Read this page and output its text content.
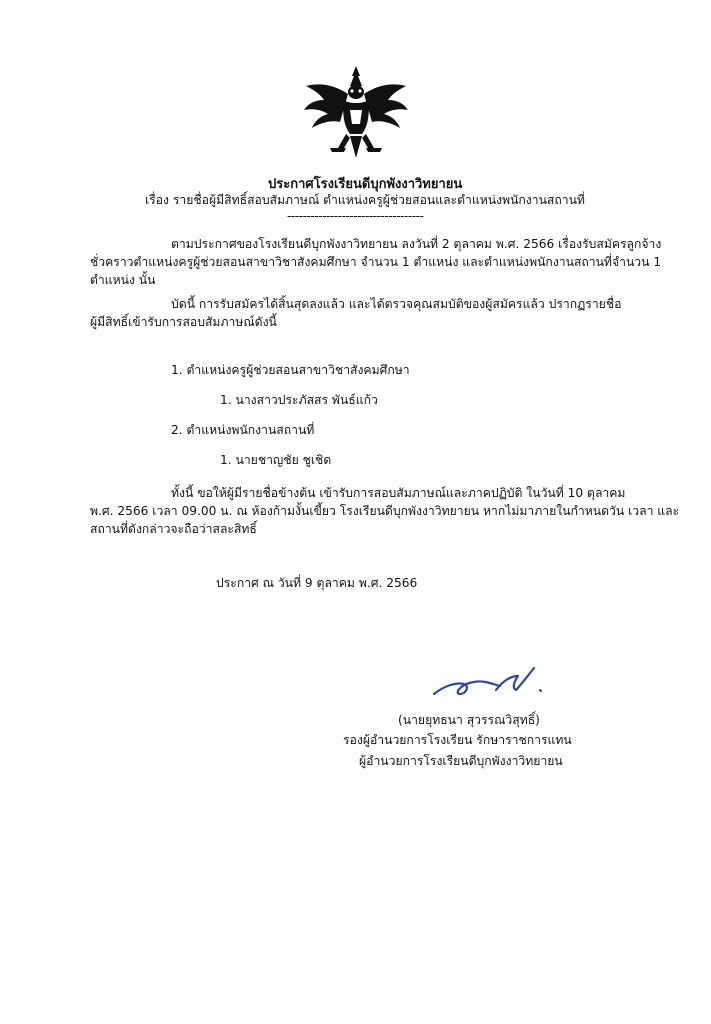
ประกาศโรงเรียนดีบุกพังงาวิทยายน
เรื่อง รายชื่อผู้มีสิทธิ์สอบสัมภาษณ์ ตำแหน่งครูผู้ช่วยสอนและตำแหน่งพนักงานสถานที่
-----------------------------------
ตามประกาศของโรงเรียนดีบุกพังงาวิทยายน ลงวันที่ 2 ตุลาคม พ.ศ. 2566 เรื่องรับสมัครลูกจ้าง
ชั่วคราวตำแหน่งครูผู้ช่วยสอนสาขาวิชาสังคมศึกษา จำนวน 1 ตำแหน่ง และตำแหน่งพนักงานสถานที่จำนวน 1
ตำแหน่ง นั้น
บัดนี้ การรับสมัครได้สิ้นสุดลงแล้ว และได้ตรวจคุณสมบัติของผู้สมัครแล้ว ปรากฏรายชื่อ
ผู้มีสิทธิ์เข้ารับการสอบสัมภาษณ์ดังนี้
1. ตำแหน่งครูผู้ช่วยสอนสาขาวิชาสังคมศึกษา
1. นางสาวประภัสสร พันธ์แก้ว
2. ตำแหน่งพนักงานสถานที่
1. นายชาญชัย ชูเชิด
ทั้งนี้ ขอให้ผู้มีรายชื่อข้างต้น เข้ารับการสอบสัมภาษณ์และภาคปฏิบัติ ในวันที่ 10 ตุลาคม
พ.ศ. 2566 เวลา 09.00 น. ณ ห้องก้ามงั้นเขี้ยว โรงเรียนดีบุกพังงาวิทยายน หากไม่มาภายในกำหนดวัน เวลา และ
สถานที่ดังกล่าวจะถือว่าสละสิทธิ์
ประกาศ ณ วันที่ 9 ตุลาคม พ.ศ. 2566
(นายยุทธนา สุวรรณวิสุทธิ์)
รองผู้อำนวยการโรงเรียน รักษาราชการแทน
ผู้อำนวยการโรงเรียนดีบุกพังงาวิทยายน
